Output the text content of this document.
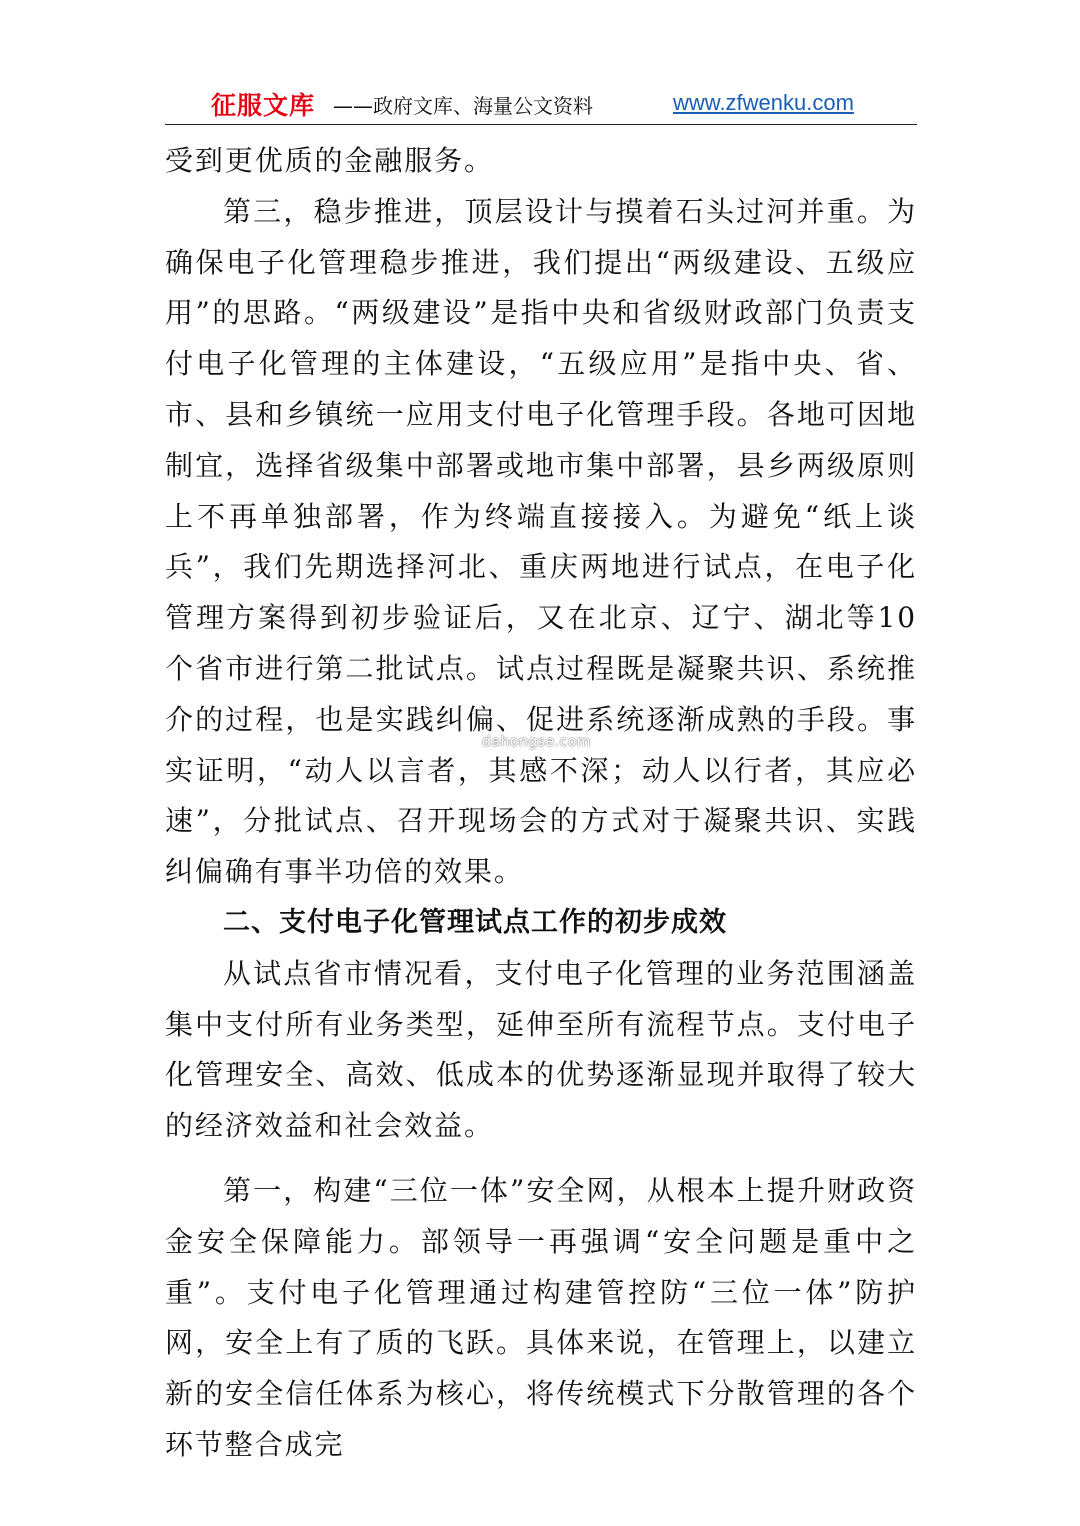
征服文库 ——政府文库、海量公文资料	www.zfwenku.com

受到更优质的金融服务。

第三，稳步推进，顶层设计与摸着石头过河并重。为确保电子化管理稳步推进，我们提出“两级建设、五级应用”的思路。“两级建设”是指中央和省级财政部门负责支付电子化管理的主体建设，“五级应用”是指中央、省、市、县和乡镇统一应用支付电子化管理手段。各地可因地制宜，选择省级集中部署或地市集中部署，县乡两级原则上不再单独部署，作为终端直接接入。为避免“纸上谈兵”，我们先期选择河北、重庆两地进行试点，在电子化管理方案得到初步验证后，又在北京、辽宁、湖北等10个省市进行第二批试点。试点过程既是凝聚共识、系统推介的过程，也是实践纠偏、促进系统逐渐成熟的手段。事实证明，“动人以言者，其感不深；动人以行者，其应必速”，分批试点、召开现场会的方式对于凝聚共识、实践纠偏确有事半功倍的效果。

二、支付电子化管理试点工作的初步成效

从试点省市情况看，支付电子化管理的业务范围涵盖集中支付所有业务类型，延伸至所有流程节点。支付电子化管理安全、高效、低成本的优势逐渐显现并取得了较大的经济效益和社会效益。

第一，构建“三位一体”安全网，从根本上提升财政资金安全保障能力。部领导一再强调“安全问题是重中之重”。支付电子化管理通过构建管控防“三位一体”防护网，安全上有了质的飞跃。具体来说，在管理上，以建立新的安全信任体系为核心，将传统模式下分散管理的各个环节整合成完

dahongse.com
